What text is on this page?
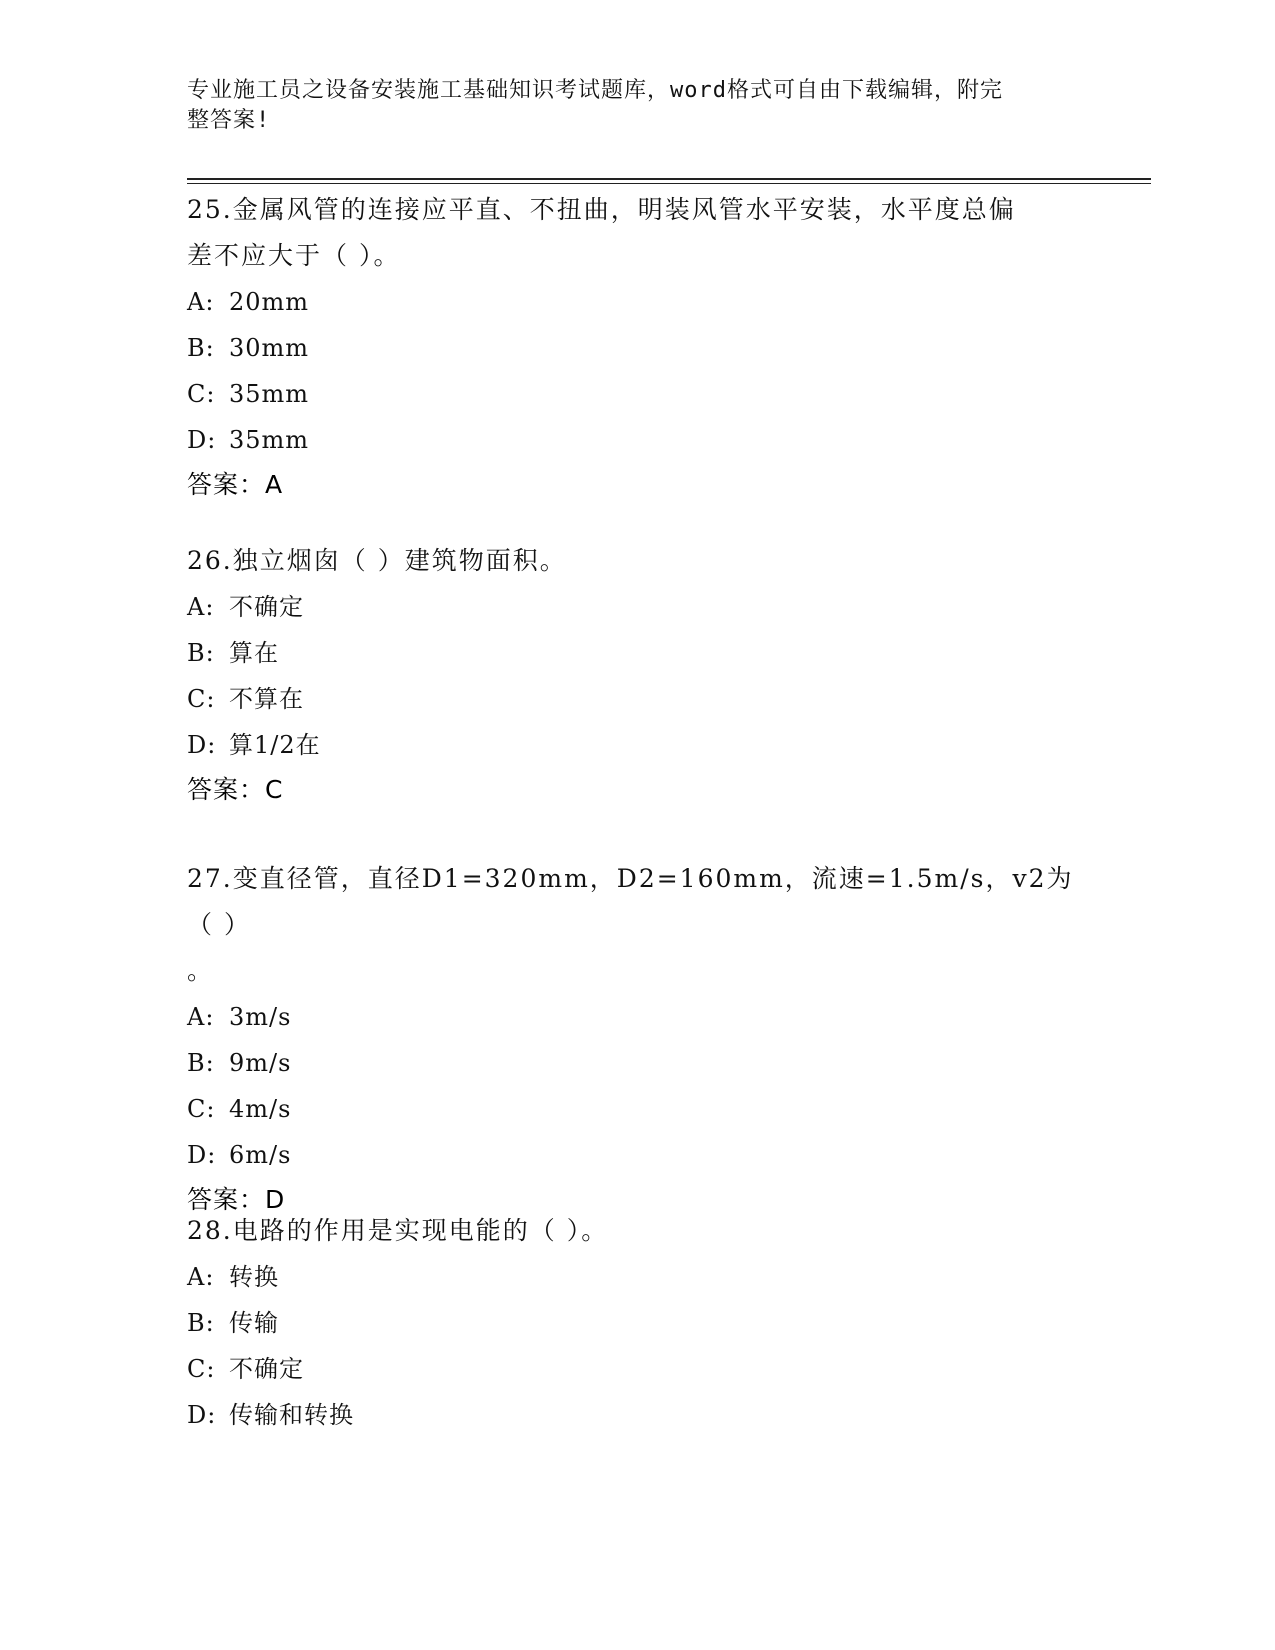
专业施工员之设备安装施工基础知识考试题库，word格式可自由下载编辑，附完
整答案!
25.金属风管的连接应平直、不扭曲，明装风管水平安装，水平度总偏
差不应大于（ ）。
A: 20mm
B: 30mm
C: 35mm
D: 35mm
答案：A
26.独立烟囱（ ）建筑物面积。
A: 不确定
B: 算在
C: 不算在
D: 算1/2在
答案：C
27.变直径管，直径D1=320mm，D2=160mm，流速=1.5m/s，v2为（ ）
。
A: 3m/s
B: 9m/s
C: 4m/s
D: 6m/s
答案：D
28.电路的作用是实现电能的（ ）。
A: 转换
B: 传输
C: 不确定
D: 传输和转换
